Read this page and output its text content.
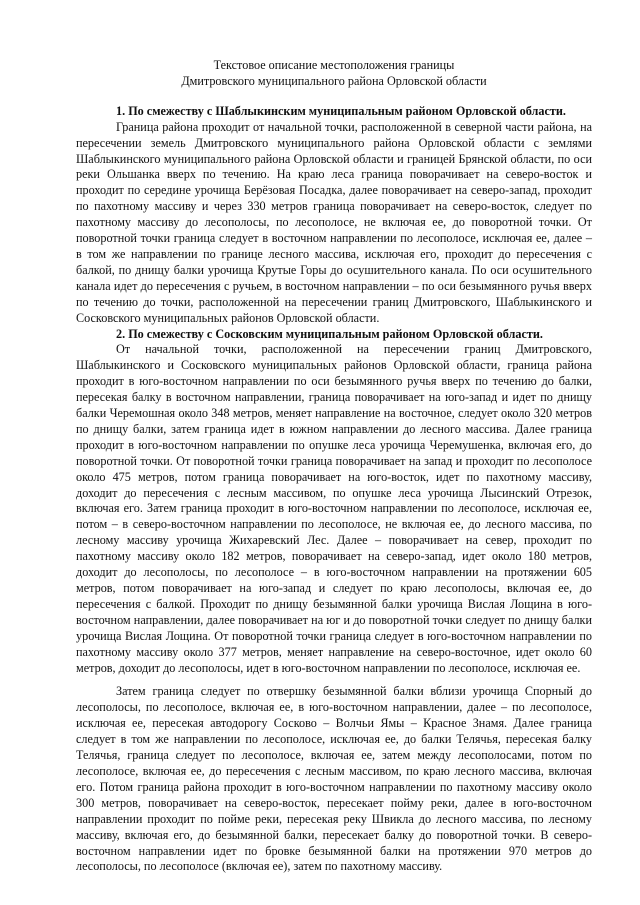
Текстовое описание местоположения границы

Дмитровского муниципального района Орловской области

1. По смежеству с Шаблыкинским муниципальным районом Орловской области.

Граница района проходит от начальной точки, расположенной в северной части района, на пересечении земель Дмитровского муниципального района Орловской области с землями Шаблыкинского муниципального района Орловской области и границей Брянской области, по оси реки Ольшанка вверх по течению. На краю леса граница поворачивает на северо-восток и проходит по середине урочища Берёзовая Посадка, далее поворачивает на северо-запад, проходит по пахотному массиву и через 330 метров граница поворачивает на северо-восток, следует по пахотному массиву до лесополосы, по лесополосе, не включая ее, до поворотной точки. От поворотной точки граница следует в восточном направлении по лесополосе, исключая ее, далее – в том же направлении по границе лесного массива, исключая его, проходит до пересечения с балкой, по днищу балки урочища Крутые Горы до осушительного канала. По оси осушительного канала идет до пересечения с ручьем, в восточном направлении – по оси безымянного ручья вверх по течению до точки, расположенной на пересечении границ Дмитровского, Шаблыкинского и Сосковского муниципальных районов Орловской области.

2. По смежеству с Сосковским муниципальным районом Орловской области.

От начальной точки, расположенной на пересечении границ Дмитровского, Шаблыкинского и Сосковского муниципальных районов Орловской области, граница района проходит в юго-восточном направлении по оси безымянного ручья вверх по течению до балки, пересекая балку в восточном направлении, граница поворачивает на юго-запад и идет по днищу балки Черемошная около 348 метров, меняет направление на восточное, следует около 320 метров по днищу балки, затем граница идет в южном направлении до лесного массива. Далее граница проходит в юго-восточном направлении по опушке леса урочища Черемушенка, включая его, до поворотной точки. От поворотной точки граница поворачивает на запад и проходит по лесополосе около 475 метров, потом граница поворачивает на юго-восток, идет по пахотному массиву, доходит до пересечения с лесным массивом, по опушке леса урочища Лысинский Отрезок, включая его. Затем граница проходит в юго-восточном направлении по лесополосе, исключая ее, потом – в северо-восточном направлении по лесополосе, не включая ее, до лесного массива, по лесному массиву урочища Жихаревский Лес. Далее – поворачивает на север, проходит по пахотному массиву около 182 метров, поворачивает на северо-запад, идет около 180 метров, доходит до лесополосы, по лесополосе – в юго-восточном направлении на протяжении 605 метров, потом поворачивает на юго-запад и следует по краю лесополосы, включая ее, до пересечения с балкой. Проходит по днищу безымянной балки урочища Вислая Лощина в юго-восточном направлении, далее поворачивает на юг и до поворотной точки следует по днищу балки урочища Вислая Лощина. От поворотной точки граница следует в юго-восточном направлении по пахотному массиву около 377 метров, меняет направление на северо-восточное, идет около 60 метров, доходит до лесополосы, идет в юго-восточном направлении по лесополосе, исключая ее.

Затем граница следует по отвершку безымянной балки вблизи урочища Спорный до лесополосы, по лесополосе, включая ее, в юго-восточном направлении, далее – по лесополосе, исключая ее, пересекая автодорогу Сосково – Волчьи Ямы – Красное Знамя. Далее граница следует в том же направлении по лесополосе, исключая ее, до балки Телячья, пересекая балку Телячья, граница следует по лесополосе, включая ее, затем между лесополосами, потом по лесополосе, включая ее, до пересечения с лесным массивом, по краю лесного массива, включая его. Потом граница района проходит в юго-восточном направлении по пахотному массиву около 300 метров, поворачивает на северо-восток, пересекает пойму реки, далее в юго-восточном направлении проходит по пойме реки, пересекая реку Швикла до лесного массива, по лесному массиву, включая его, до безымянной балки, пересекает балку до поворотной точки. В северо-восточном направлении идет по бровке безымянной балки на протяжении 970 метров до лесополосы, по лесополосе (включая ее), затем по пахотному массиву.
